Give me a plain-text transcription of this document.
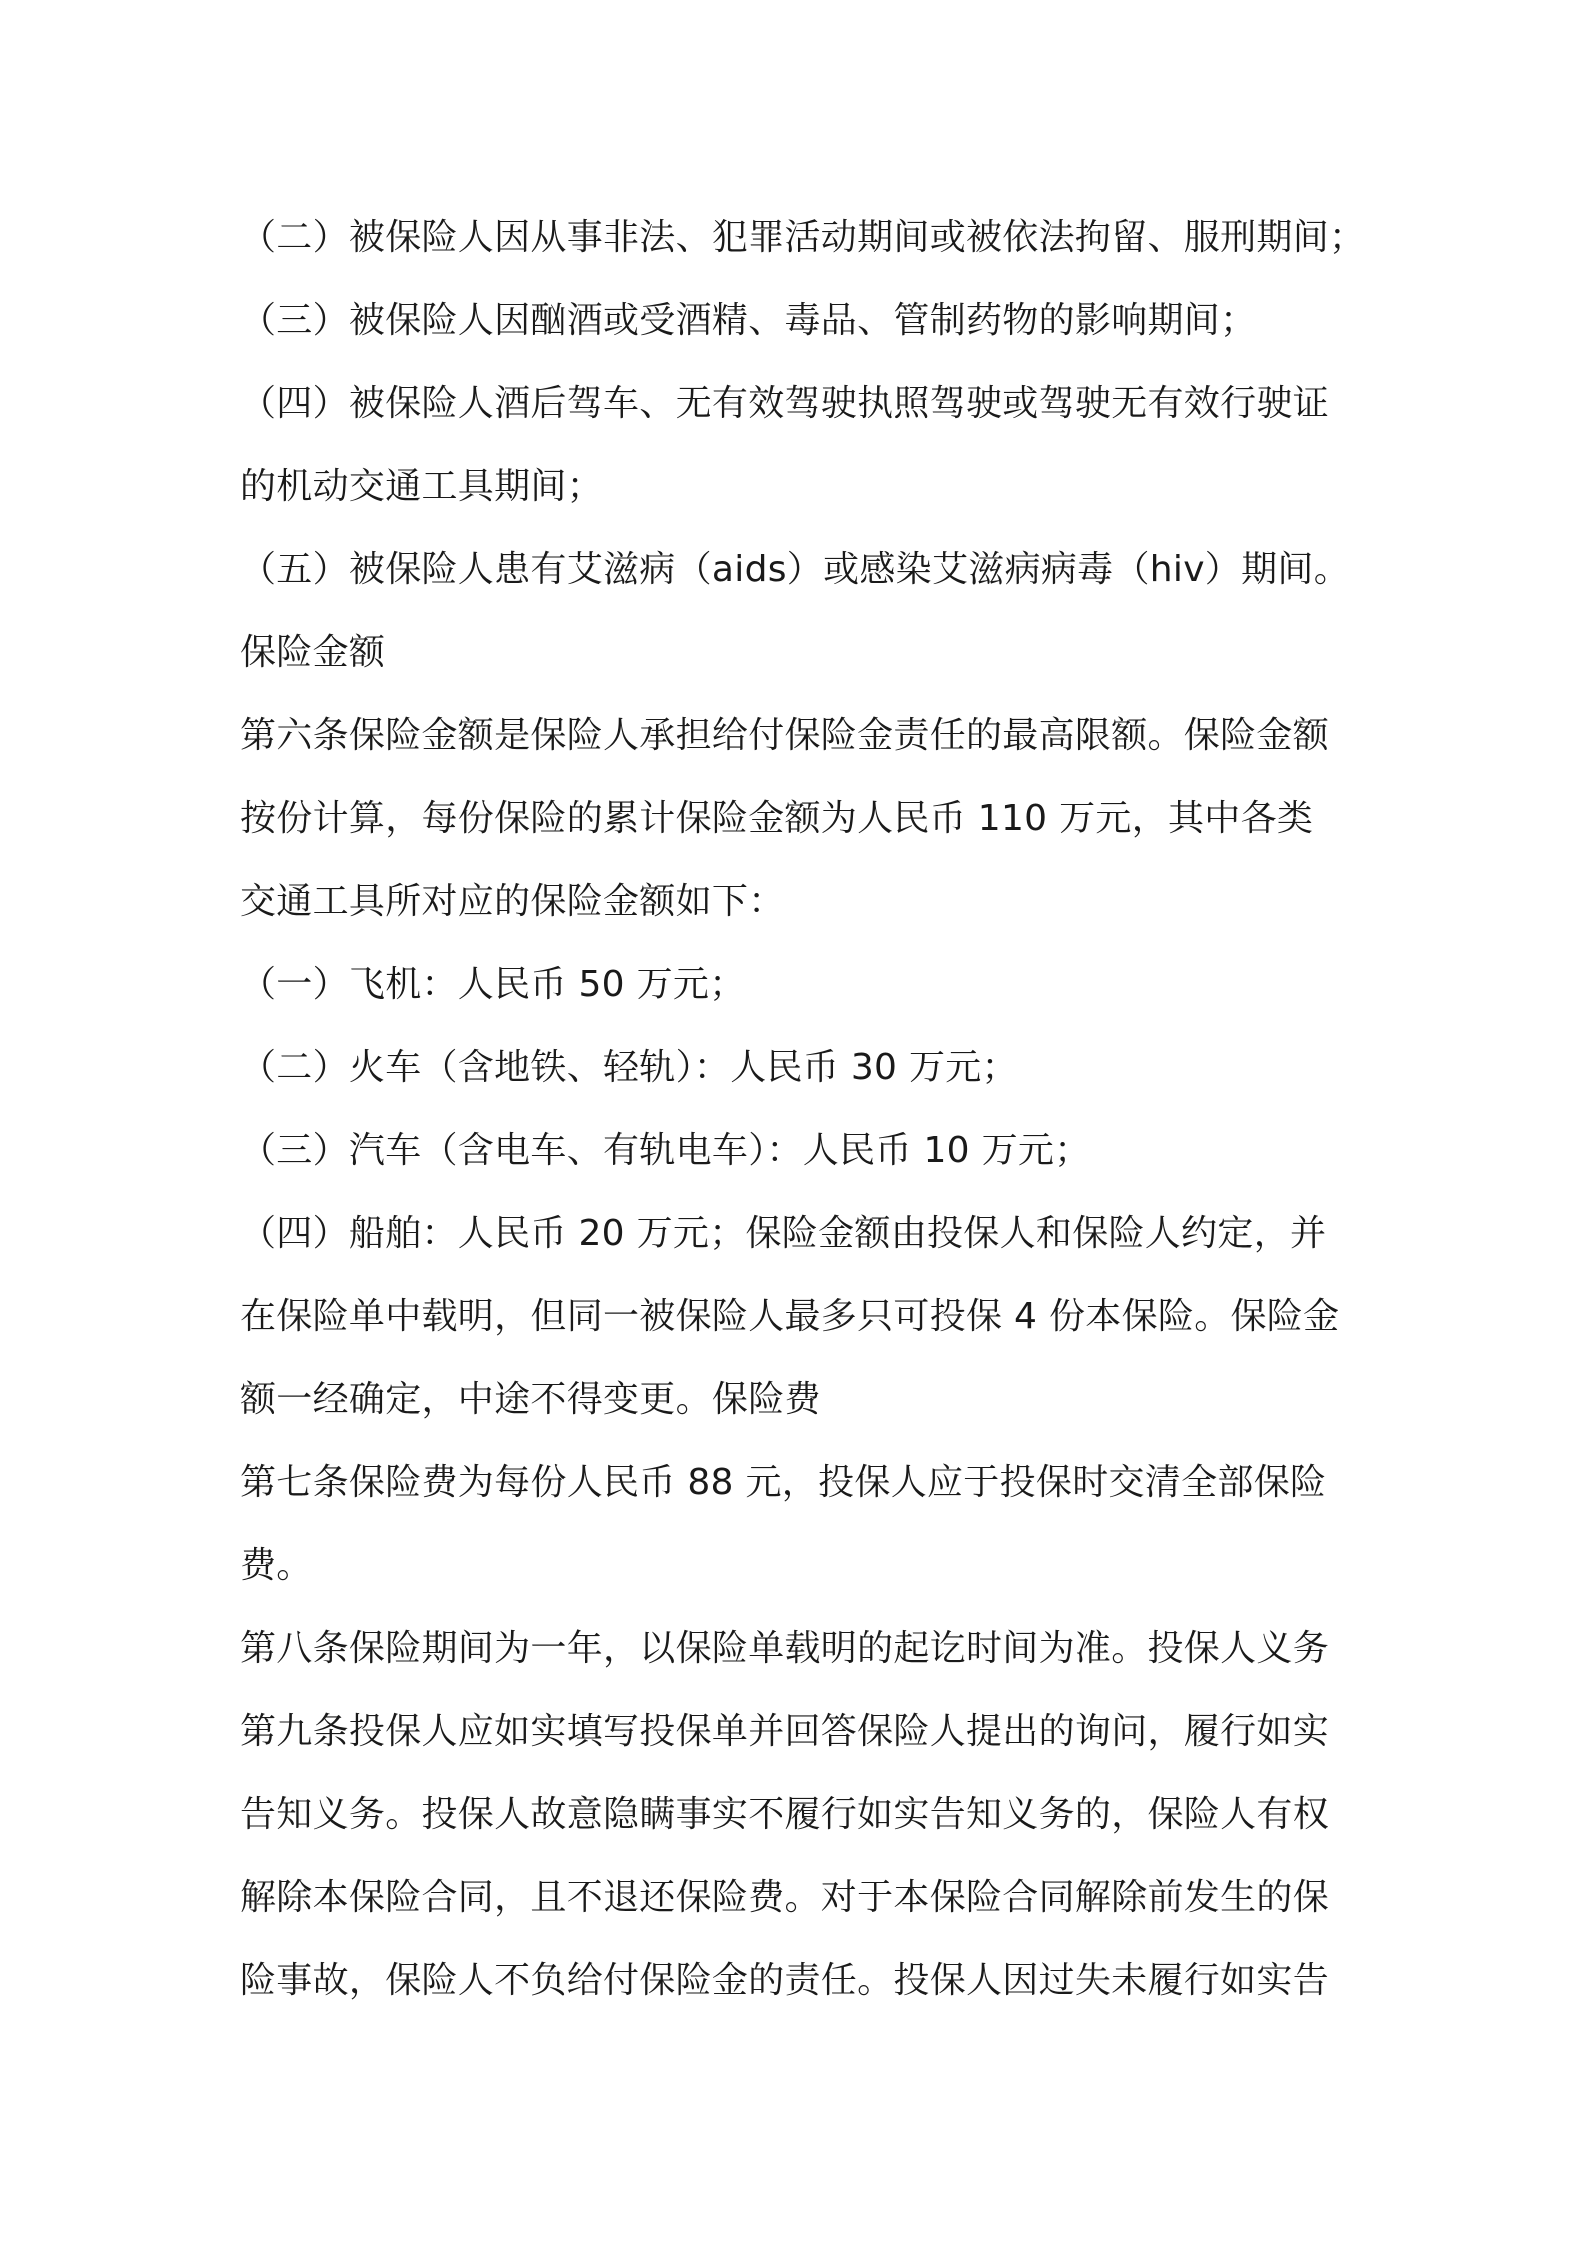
（二）被保险人因从事非法、犯罪活动期间或被依法拘留、服刑期间；
（三）被保险人因酗酒或受酒精、毒品、管制药物的影响期间；
（四）被保险人酒后驾车、无有效驾驶执照驾驶或驾驶无有效行驶证
的机动交通工具期间；
（五）被保险人患有艾滋病（aids）或感染艾滋病病毒（hiv）期间。
保险金额
第六条保险金额是保险人承担给付保险金责任的最高限额。保险金额
按份计算，每份保险的累计保险金额为人民币 110 万元，其中各类
交通工具所对应的保险金额如下：
（一）飞机：人民币 50 万元；
（二）火车（含地铁、轻轨）：人民币 30 万元；
（三）汽车（含电车、有轨电车）：人民币 10 万元；
（四）船舶：人民币 20 万元；保险金额由投保人和保险人约定，并
在保险单中载明，但同一被保险人最多只可投保 4 份本保险。保险金
额一经确定，中途不得变更。保险费
第七条保险费为每份人民币 88 元，投保人应于投保时交清全部保险
费。
第八条保险期间为一年，以保险单载明的起讫时间为准。投保人义务
第九条投保人应如实填写投保单并回答保险人提出的询问，履行如实
告知义务。投保人故意隐瞒事实不履行如实告知义务的，保险人有权
解除本保险合同，且不退还保险费。对于本保险合同解除前发生的保
险事故，保险人不负给付保险金的责任。投保人因过失未履行如实告
